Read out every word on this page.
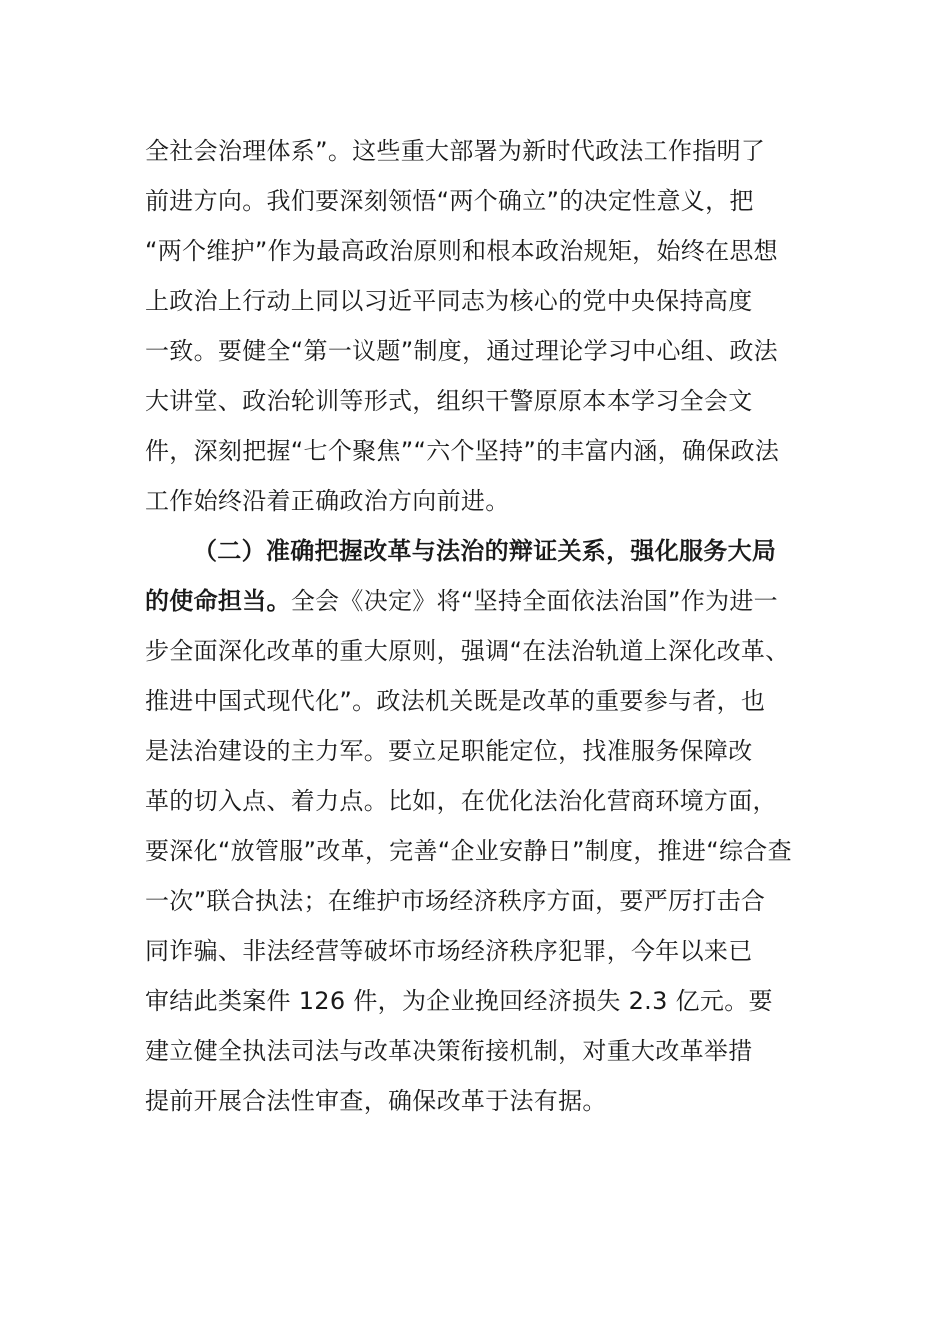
全社会治理体系”。这些重大部署为新时代政法工作指明了
前进方向。我们要深刻领悟“两个确立”的决定性意义，把
“两个维护”作为最高政治原则和根本政治规矩，始终在思想
上政治上行动上同以习近平同志为核心的党中央保持高度
一致。要健全“第一议题”制度，通过理论学习中心组、政法
大讲堂、政治轮训等形式，组织干警原原本本学习全会文
件，深刻把握“七个聚焦”“六个坚持”的丰富内涵，确保政法
工作始终沿着正确政治方向前进。
（二）准确把握改革与法治的辩证关系，强化服务大局
的使命担当。全会《决定》将“坚持全面依法治国”作为进一
步全面深化改革的重大原则，强调“在法治轨道上深化改革、
推进中国式现代化”。政法机关既是改革的重要参与者，也
是法治建设的主力军。要立足职能定位，找准服务保障改
革的切入点、着力点。比如，在优化法治化营商环境方面，
要深化“放管服”改革，完善“企业安静日”制度，推进“综合查
一次”联合执法；在维护市场经济秩序方面，要严厉打击合
同诈骗、非法经营等破坏市场经济秩序犯罪，今年以来已
审结此类案件 126 件，为企业挽回经济损失 2.3 亿元。要
建立健全执法司法与改革决策衔接机制，对重大改革举措
提前开展合法性审查，确保改革于法有据。
